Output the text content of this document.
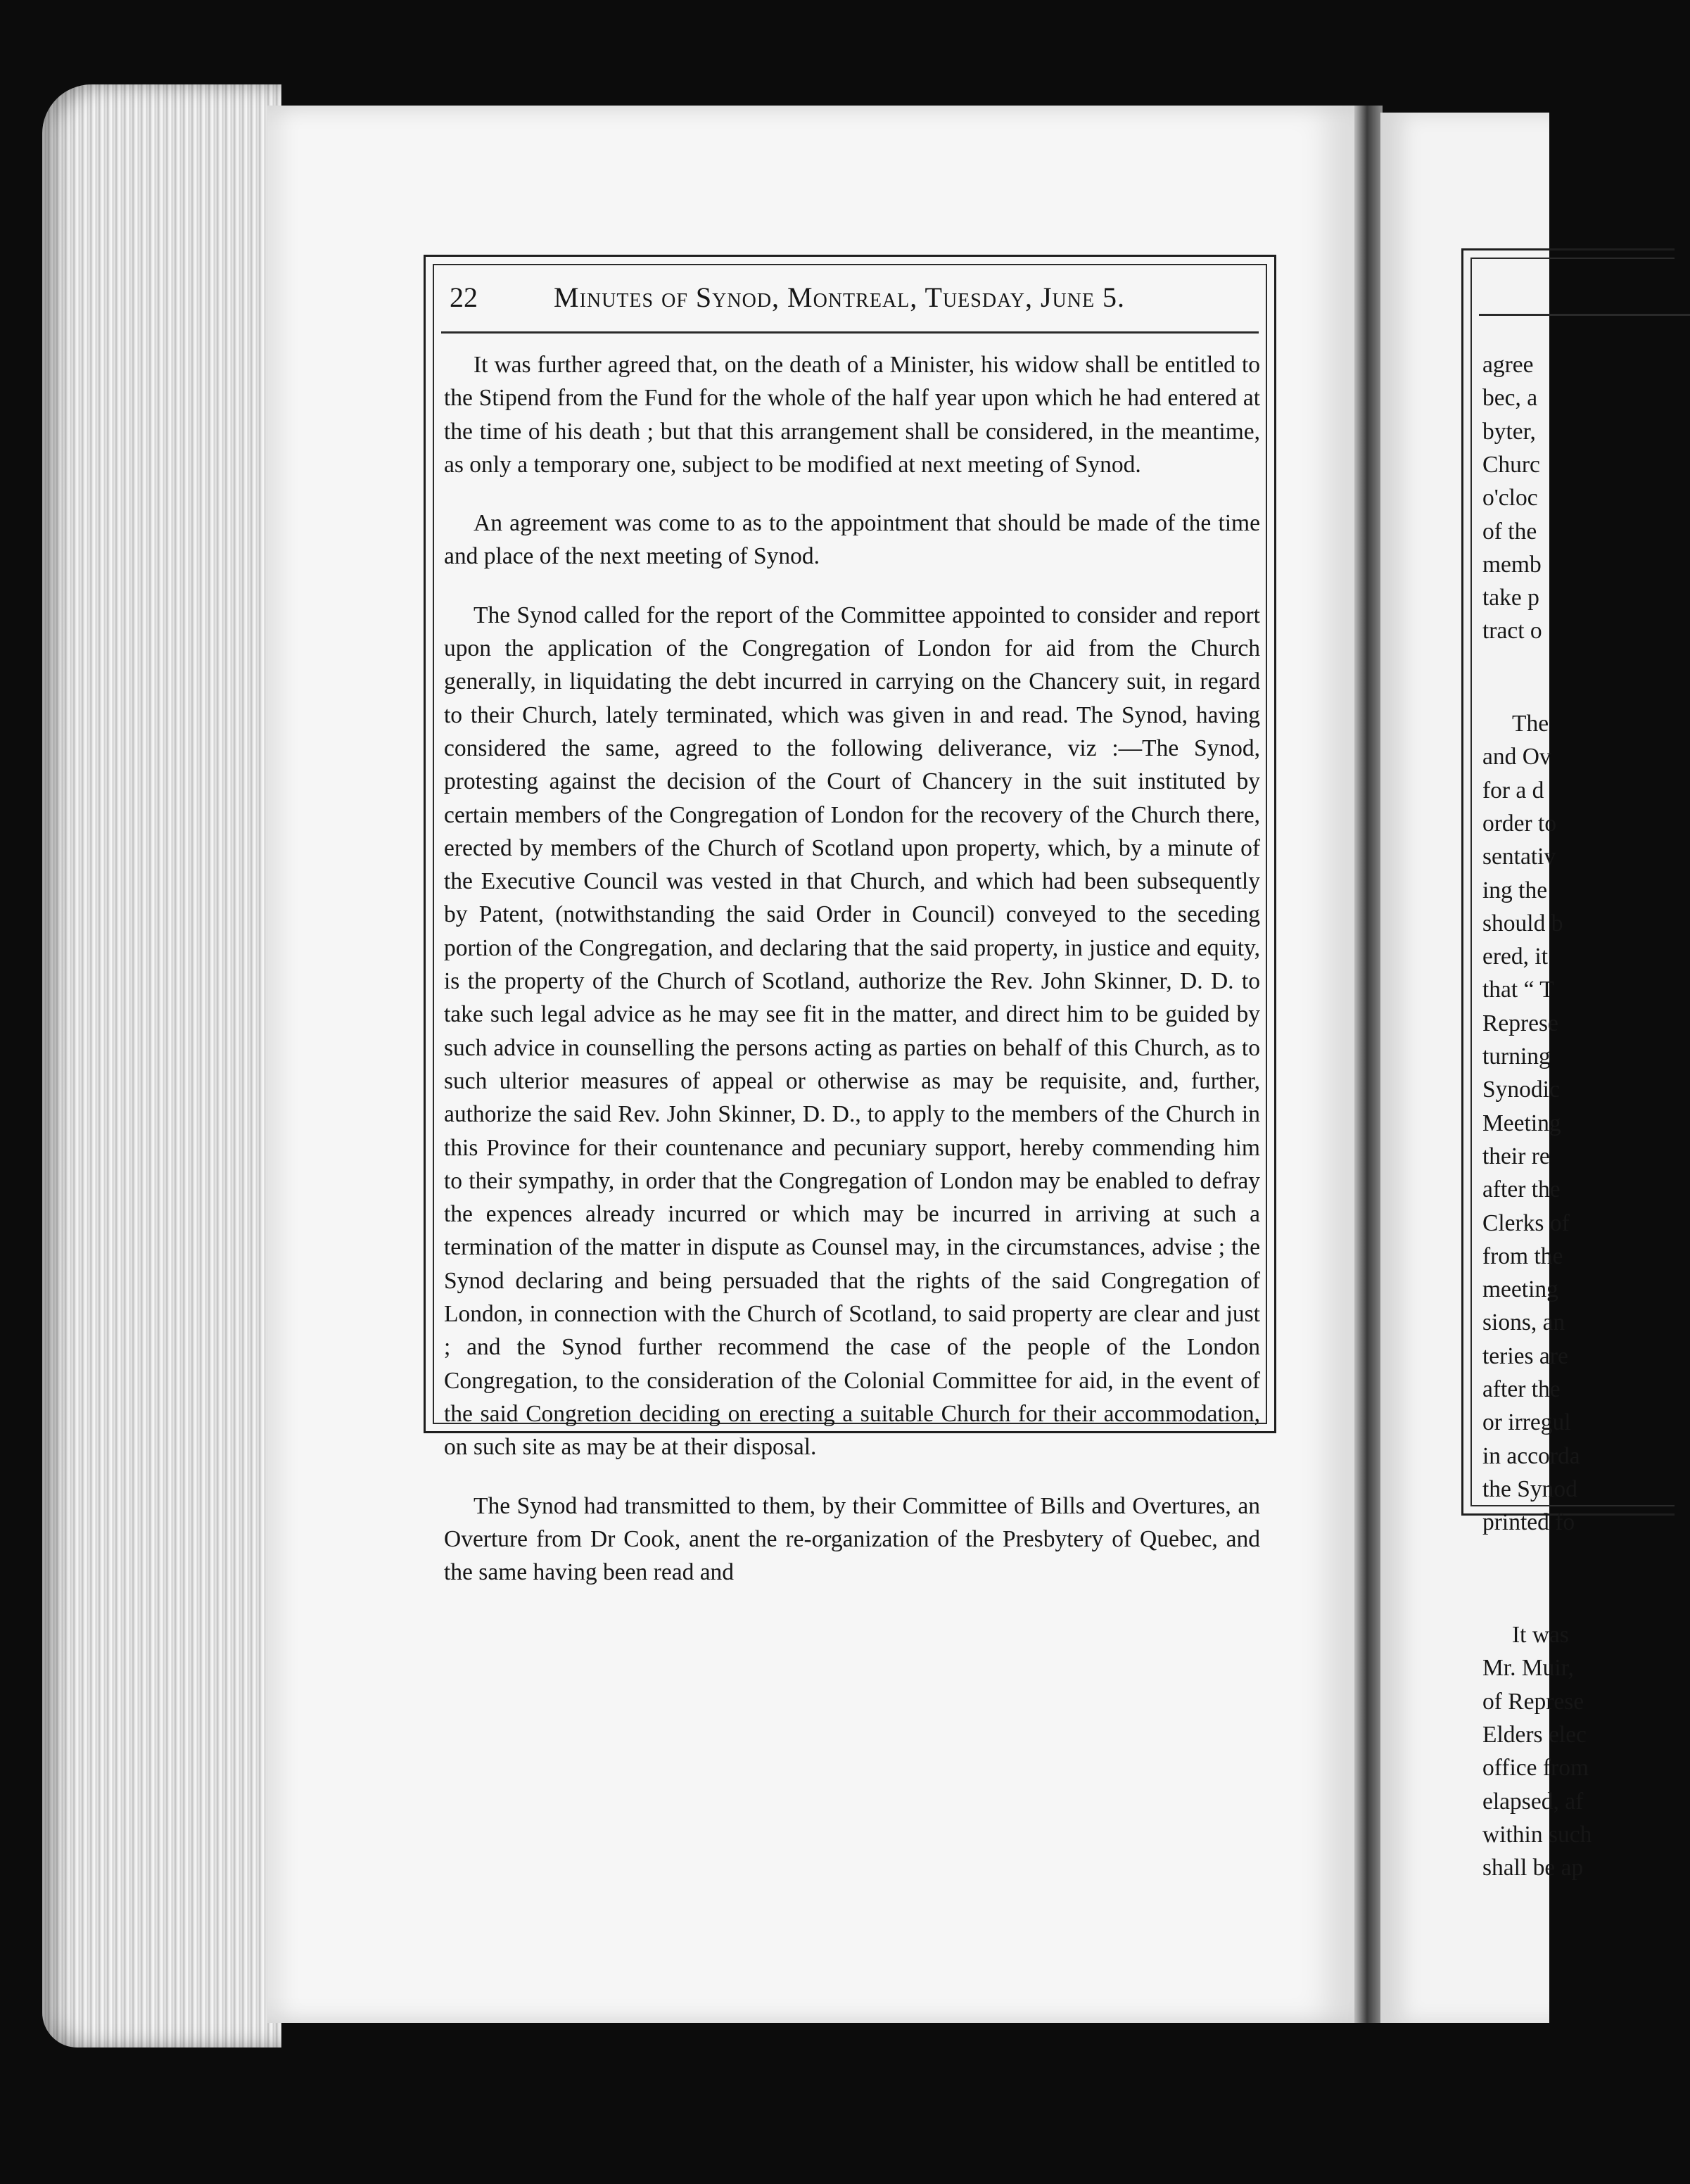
agree
bec, a
byter,
Churc
o'cloc
of the
memb
take p
tract o
The
and Ov
for a d
order to
sentativ
ing the
should b
ered, it
that “ T
Represe
turning
Synodic
Meeting
their re
after the
Clerks of
from the
meeting
sions, an
teries are
after the
or irregul
in accorda
the Synod
printed fo
It was
Mr. Muir,
of Represe
Elders elec
office from
elapsed, af
within such
shall be ap
22	Minutes of Synod, Montreal, Tuesday, June 5.

It was further agreed that, on the death of a Minister, his widow shall be entitled to the Stipend from the Fund for the whole of the half year upon which he had entered at the time of his death ; but that this arrangement shall be considered, in the meantime, as only a temporary one, subject to be modified at next meeting of Synod.

An agreement was come to as to the appointment that should be made of the time and place of the next meeting of Synod.

The Synod called for the report of the Committee appointed to consider and report upon the application of the Congregation of London for aid from the Church generally, in liquidating the debt incurred in carrying on the Chancery suit, in regard to their Church, lately terminated, which was given in and read. The Synod, having considered the same, agreed to the following deliverance, viz :—The Synod, protesting against the decision of the Court of Chancery in the suit instituted by certain members of the Congregation of London for the recovery of the Church there, erected by members of the Church of Scotland upon property, which, by a minute of the Executive Council was vested in that Church, and which had been subsequently by Patent, (notwithstanding the said Order in Council) conveyed to the seceding portion of the Congregation, and declaring that the said property, in justice and equity, is the property of the Church of Scotland, authorize the Rev. John Skinner, D. D. to take such legal advice as he may see fit in the matter, and direct him to be guided by such advice in counselling the persons acting as parties on behalf of this Church, as to such ulterior measures of appeal or otherwise as may be requisite, and, further, authorize the said Rev. John Skinner, D. D., to apply to the members of the Church in this Province for their countenance and pecuniary support, hereby commending him to their sympathy, in order that the Congregation of London may be enabled to defray the expences already incurred or which may be incurred in arriving at such a termination of the matter in dispute as Counsel may, in the circumstances, advise ; the Synod declaring and being persuaded that the rights of the said Congregation of London, in connection with the Church of Scotland, to said property are clear and just ; and the Synod further recommend the case of the people of the London Congregation, to the consideration of the Colonial Committee for aid, in the event of the said Congretion deciding on erecting a suitable Church for their accommodation, on such site as may be at their disposal.

The Synod had transmitted to them, by their Committee of Bills and Overtures, an Overture from Dr Cook, anent the re-organization of the Presbytery of Quebec, and the same having been read and
